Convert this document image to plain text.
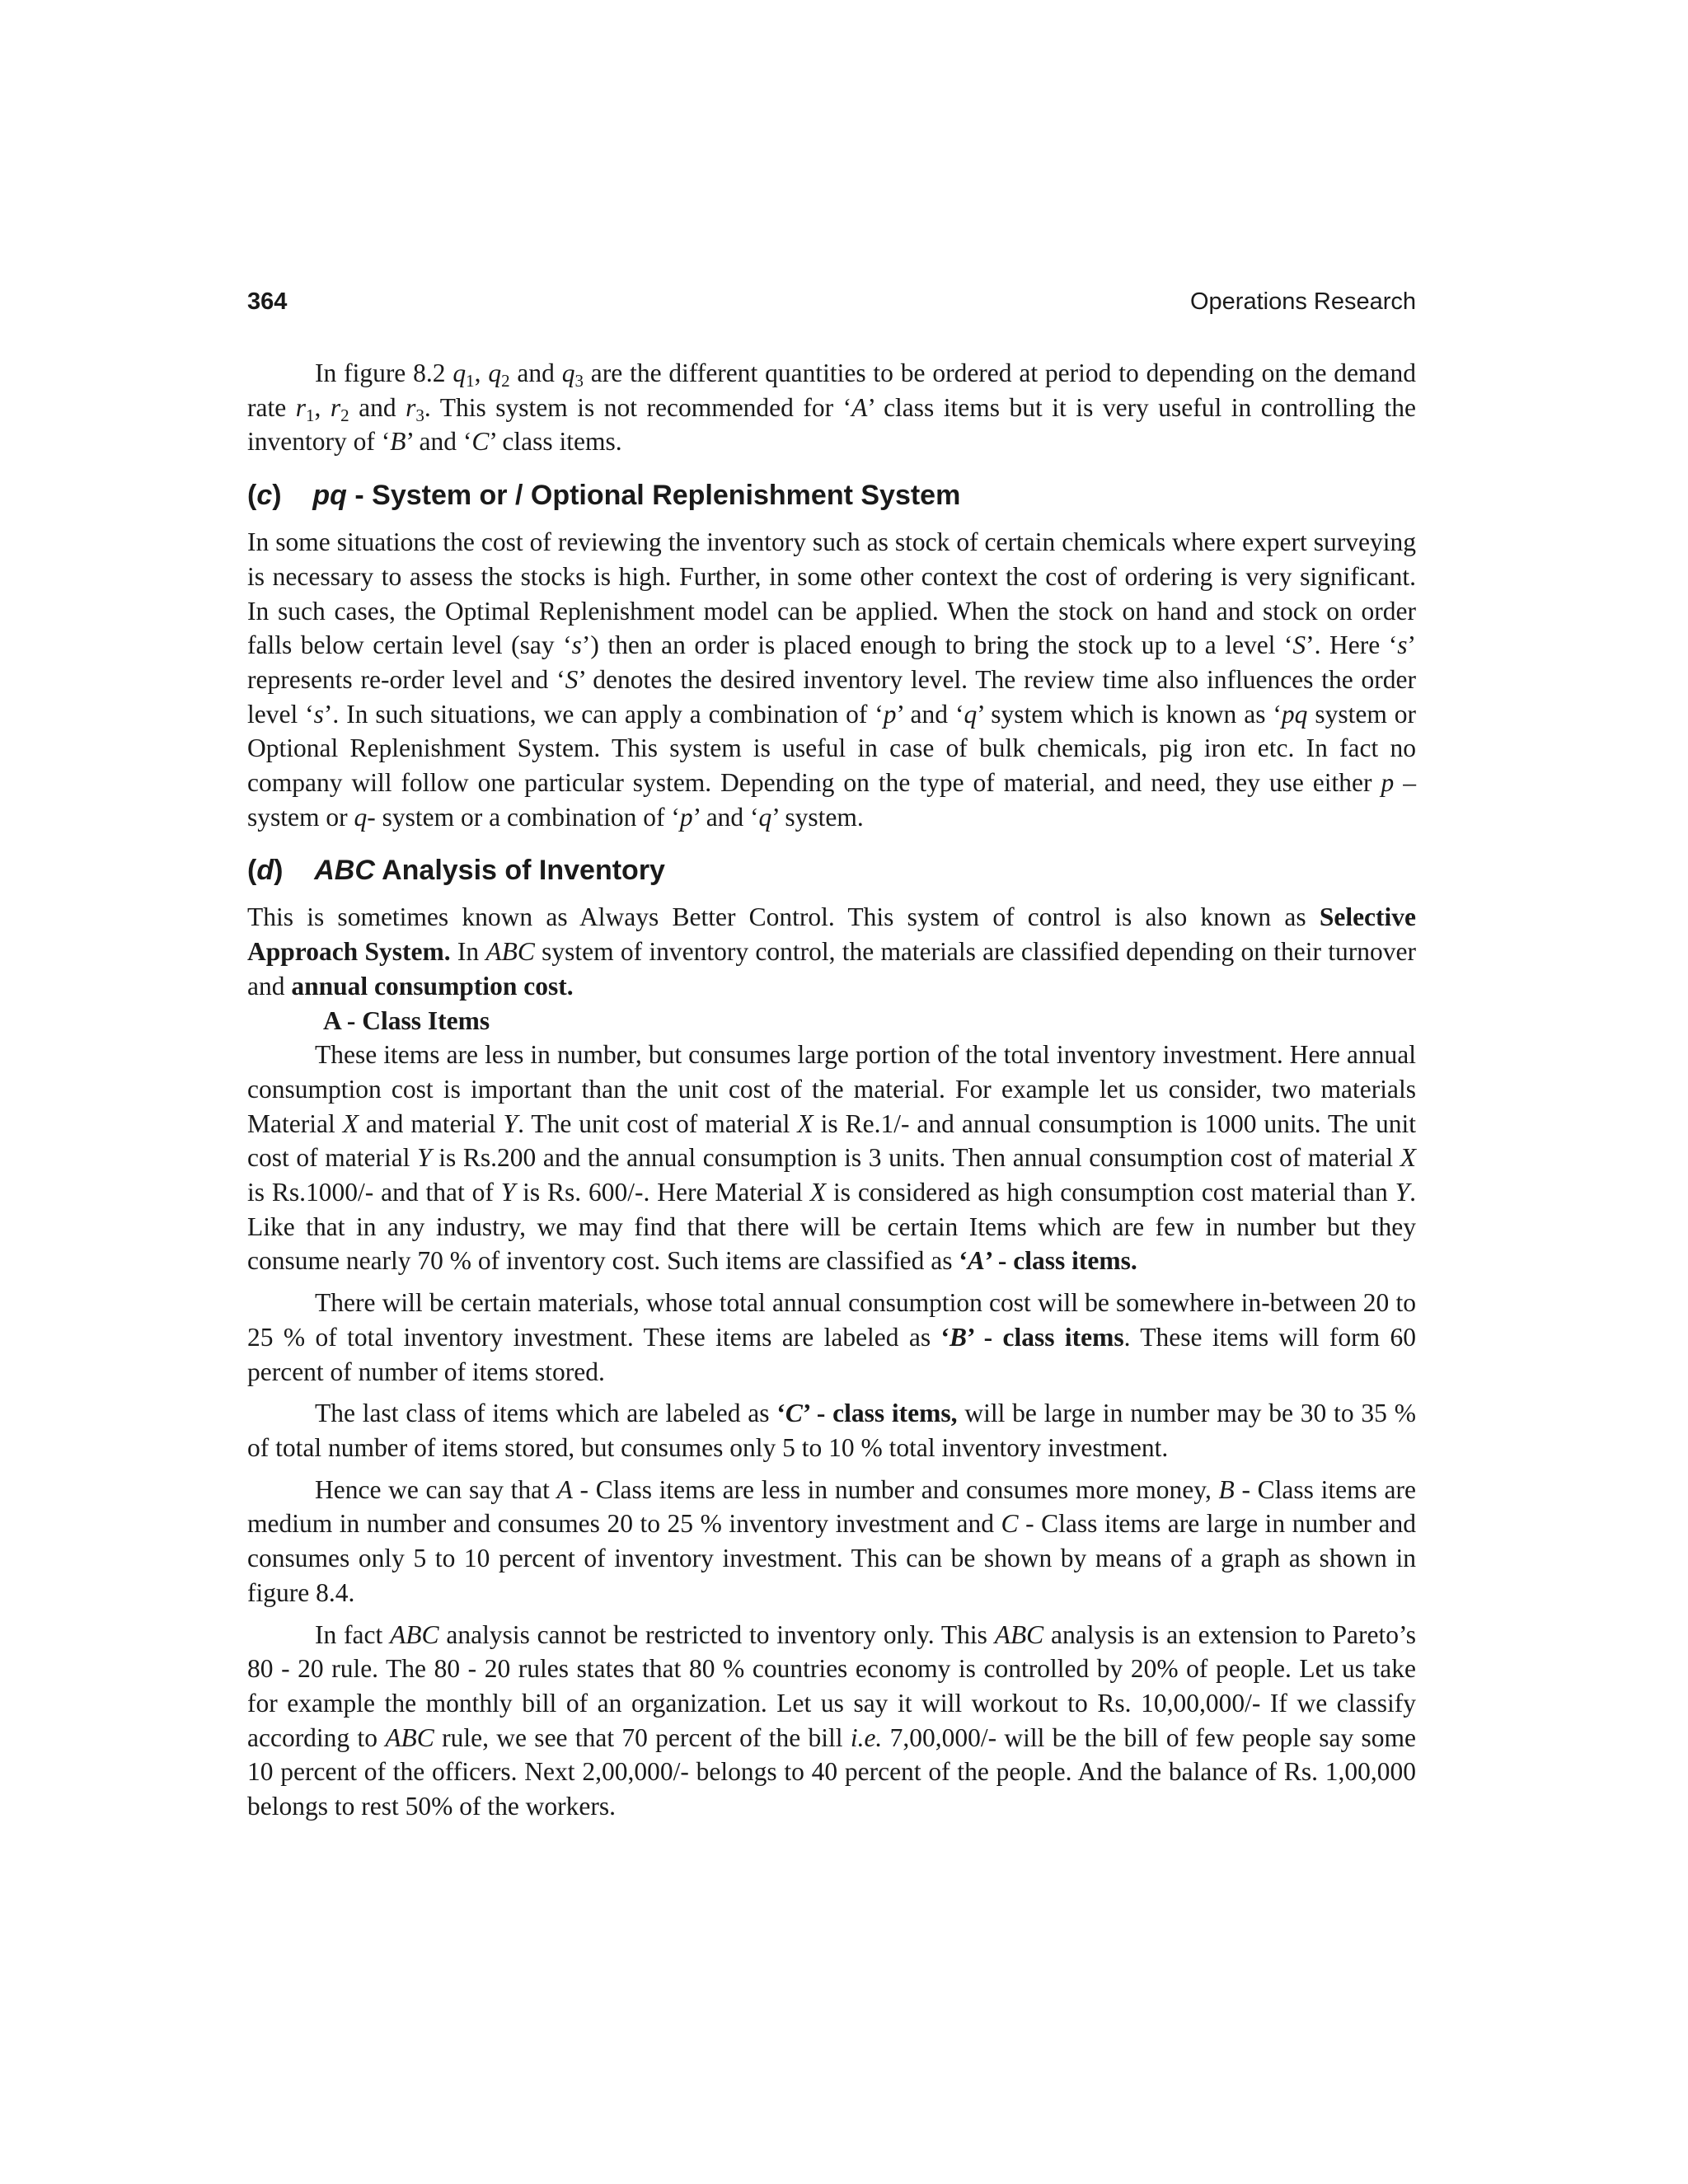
364	Operations Research

In figure 8.2 $q_1$, $q_2$ and $q_3$ are the different quantities to be ordered at period to depending on the demand rate $r_1$, $r_2$ and $r_3$. This system is not recommended for ‘A’ class items but it is very useful in controlling the inventory of ‘B’ and ‘C’ class items.

(c) pq - System or / Optional Replenishment System

In some situations the cost of reviewing the inventory such as stock of certain chemicals where expert surveying is necessary to assess the stocks is high. Further, in some other context the cost of ordering is very significant. In such cases, the Optimal Replenishment model can be applied. When the stock on hand and stock on order falls below certain level (say ‘s’) then an order is placed enough to bring the stock up to a level ‘S’. Here ‘s’ represents re-order level and ‘S’ denotes the desired inventory level. The review time also influences the order level ‘s’. In such situations, we can apply a combination of ‘p’ and ‘q’ system which is known as ‘pq system or Optional Replenishment System. This system is useful in case of bulk chemicals, pig iron etc. In fact no company will follow one particular system. Depending on the type of material, and need, they use either p – system or q- system or a combination of ‘p’ and ‘q’ system.

(d) ABC Analysis of Inventory

This is sometimes known as Always Better Control. This system of control is also known as Selective Approach System. In ABC system of inventory control, the materials are classified depending on their turnover and annual consumption cost.

A - Class Items

These items are less in number, but consumes large portion of the total inventory investment. Here annual consumption cost is important than the unit cost of the material. For example let us consider, two materials Material X and material Y. The unit cost of material X is Re.1/- and annual consumption is 1000 units. The unit cost of material Y is Rs.200 and the annual consumption is 3 units. Then annual consumption cost of material X is Rs.1000/- and that of Y is Rs. 600/-. Here Material X is considered as high consumption cost material than Y. Like that in any industry, we may find that there will be certain Items which are few in number but they consume nearly 70 % of inventory cost. Such items are classified as ‘A’ - class items.

There will be certain materials, whose total annual consumption cost will be somewhere in-between 20 to 25 % of total inventory investment. These items are labeled as ‘B’ - class items. These items will form 60 percent of number of items stored.

The last class of items which are labeled as ‘C’ - class items, will be large in number may be 30 to 35 % of total number of items stored, but consumes only 5 to 10 % total inventory investment.

Hence we can say that A - Class items are less in number and consumes more money, B - Class items are medium in number and consumes 20 to 25 % inventory investment and C - Class items are large in number and consumes only 5 to 10 percent of inventory investment. This can be shown by means of a graph as shown in figure 8.4.

In fact ABC analysis cannot be restricted to inventory only. This ABC analysis is an extension to Pareto’s 80 - 20 rule. The 80 - 20 rules states that 80 % countries economy is controlled by 20% of people. Let us take for example the monthly bill of an organization. Let us say it will workout to Rs. 10,00,000/- If we classify according to ABC rule, we see that 70 percent of the bill i.e. 7,00,000/- will be the bill of few people say some 10 percent of the officers. Next 2,00,000/- belongs to 40 percent of the people. And the balance of Rs. 1,00,000 belongs to rest 50% of the workers.
